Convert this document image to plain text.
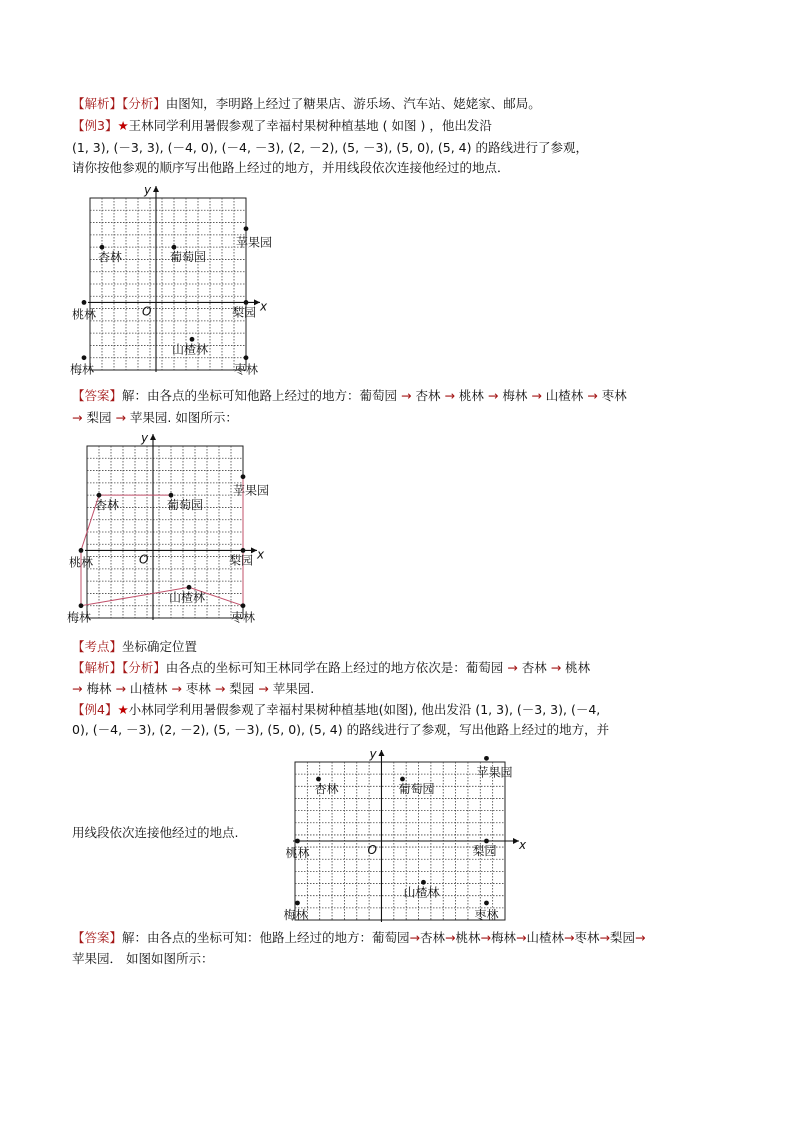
【解析】【分析】由图知，李明路上经过了糖果店、游乐场、汽车站、姥姥家、邮局。
【例3】★王林同学利用暑假参观了幸福村果树种植基地 ( 如图 ) ，他出发沿
(1, 3), (－3, 3), (－4, 0), (－4, －3), (2, －2), (5, －3), (5, 0), (5, 4) 的路线进行了参观，
请你按他参观的顺序写出他路上经过的地方，并用线段依次连接他经过的地点．
x
y
O
杏林	葡萄园
苹果园
桃林	梨园
山楂林
梅林	枣林
【答案】解：由各点的坐标可知他路上经过的地方：葡萄园 → 杏林 → 桃林 → 梅林 → 山楂林 → 枣林
→ 梨园 → 苹果园. 如图所示：
x
y
O
杏林	葡萄园
苹果园
桃林	梨园
山楂林
梅林	枣林
【考点】坐标确定位置
【解析】【分析】由各点的坐标可知王林同学在路上经过的地方依次是：葡萄园 → 杏林 → 桃林
→ 梅林 → 山楂林 → 枣林 → 梨园 → 苹果园.
【例4】★小林同学利用暑假参观了幸福村果树种植基地(如图), 他出发沿 (1, 3), (－3, 3), (－4,
0), (－4, －3), (2, －2), (5, －3), (5, 0), (5, 4) 的路线进行了参观，写出他路上经过的地方，并
x
y
O
杏林	葡萄园
苹果园
桃林	梨园
山楂林
梅林	枣林
用线段依次连接他经过的地点.
【答案】解：由各点的坐标可知：他路上经过的地方：葡萄园→杏林→桃林→梅林→山楂林→枣林→梨园→
苹果园． 如图如图所示：
